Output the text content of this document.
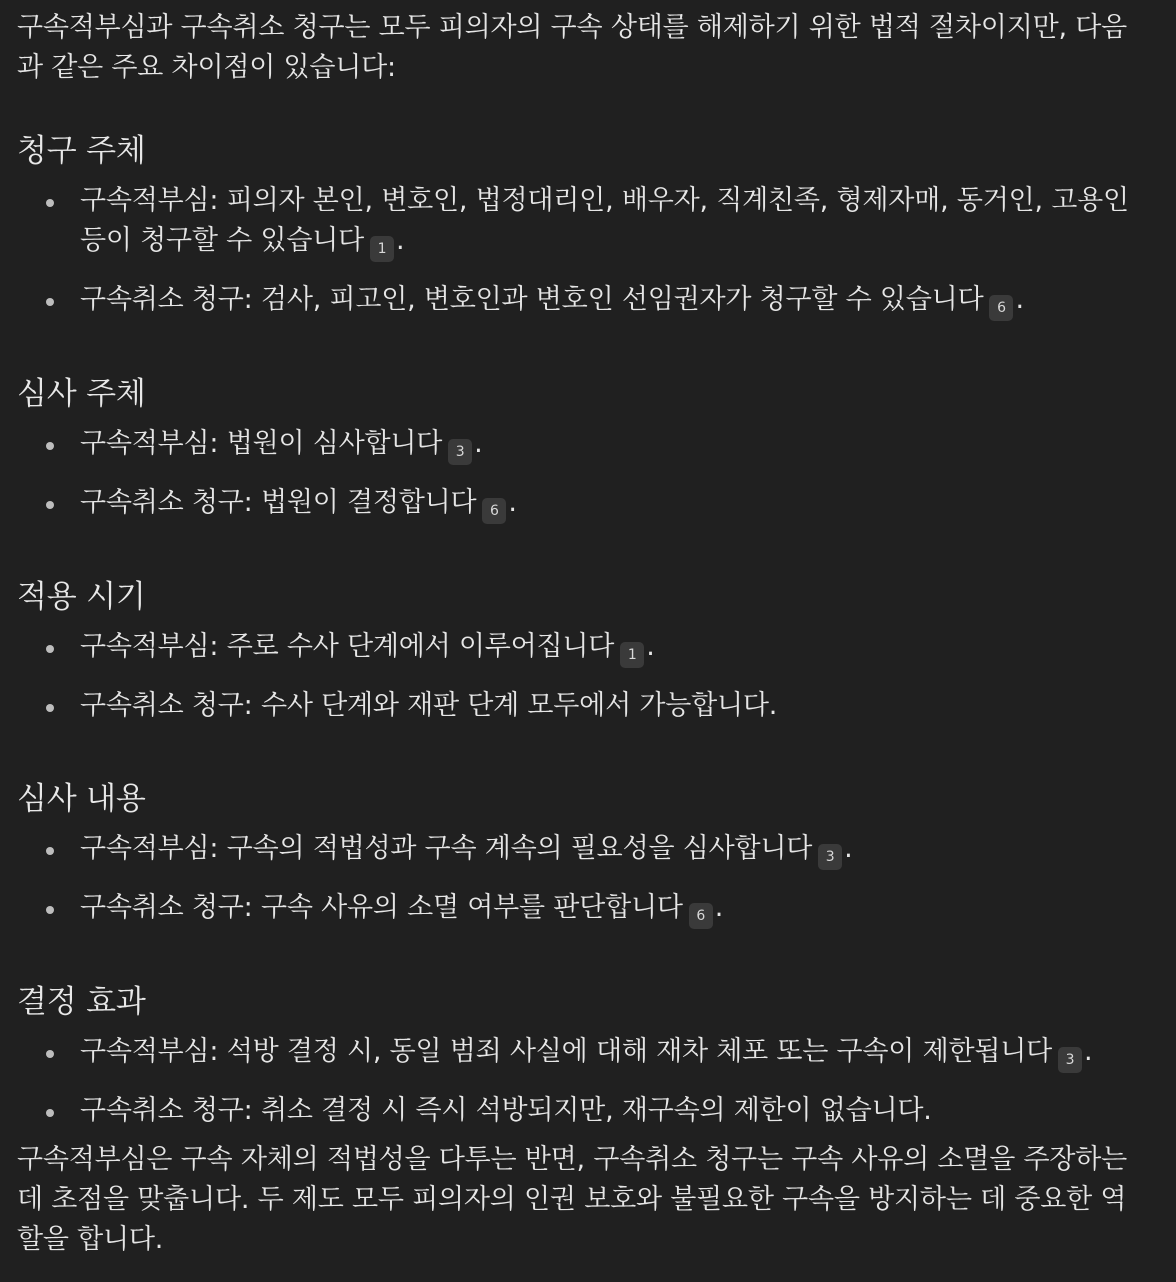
구속적부심과 구속취소 청구는 모두 피의자의 구속 상태를 해제하기 위한 법적 절차이지만, 다음과 같은 주요 차이점이 있습니다:

청구 주체
구속적부심: 피의자 본인, 변호인, 법정대리인, 배우자, 직계친족, 형제자매, 동거인, 고용인 등이 청구할 수 있습니다 1 .
구속취소 청구: 검사, 피고인, 변호인과 변호인 선임권자가 청구할 수 있습니다 6 .
심사 주체
구속적부심: 법원이 심사합니다 3 .
구속취소 청구: 법원이 결정합니다 6 .
적용 시기
구속적부심: 주로 수사 단계에서 이루어집니다 1 .
구속취소 청구: 수사 단계와 재판 단계 모두에서 가능합니다.
심사 내용
구속적부심: 구속의 적법성과 구속 계속의 필요성을 심사합니다 3 .
구속취소 청구: 구속 사유의 소멸 여부를 판단합니다 6 .
결정 효과
구속적부심: 석방 결정 시, 동일 범죄 사실에 대해 재차 체포 또는 구속이 제한됩니다 3 .
구속취소 청구: 취소 결정 시 즉시 석방되지만, 재구속의 제한이 없습니다.

구속적부심은 구속 자체의 적법성을 다투는 반면, 구속취소 청구는 구속 사유의 소멸을 주장하는 데 초점을 맞춥니다. 두 제도 모두 피의자의 인권 보호와 불필요한 구속을 방지하는 데 중요한 역할을 합니다.
